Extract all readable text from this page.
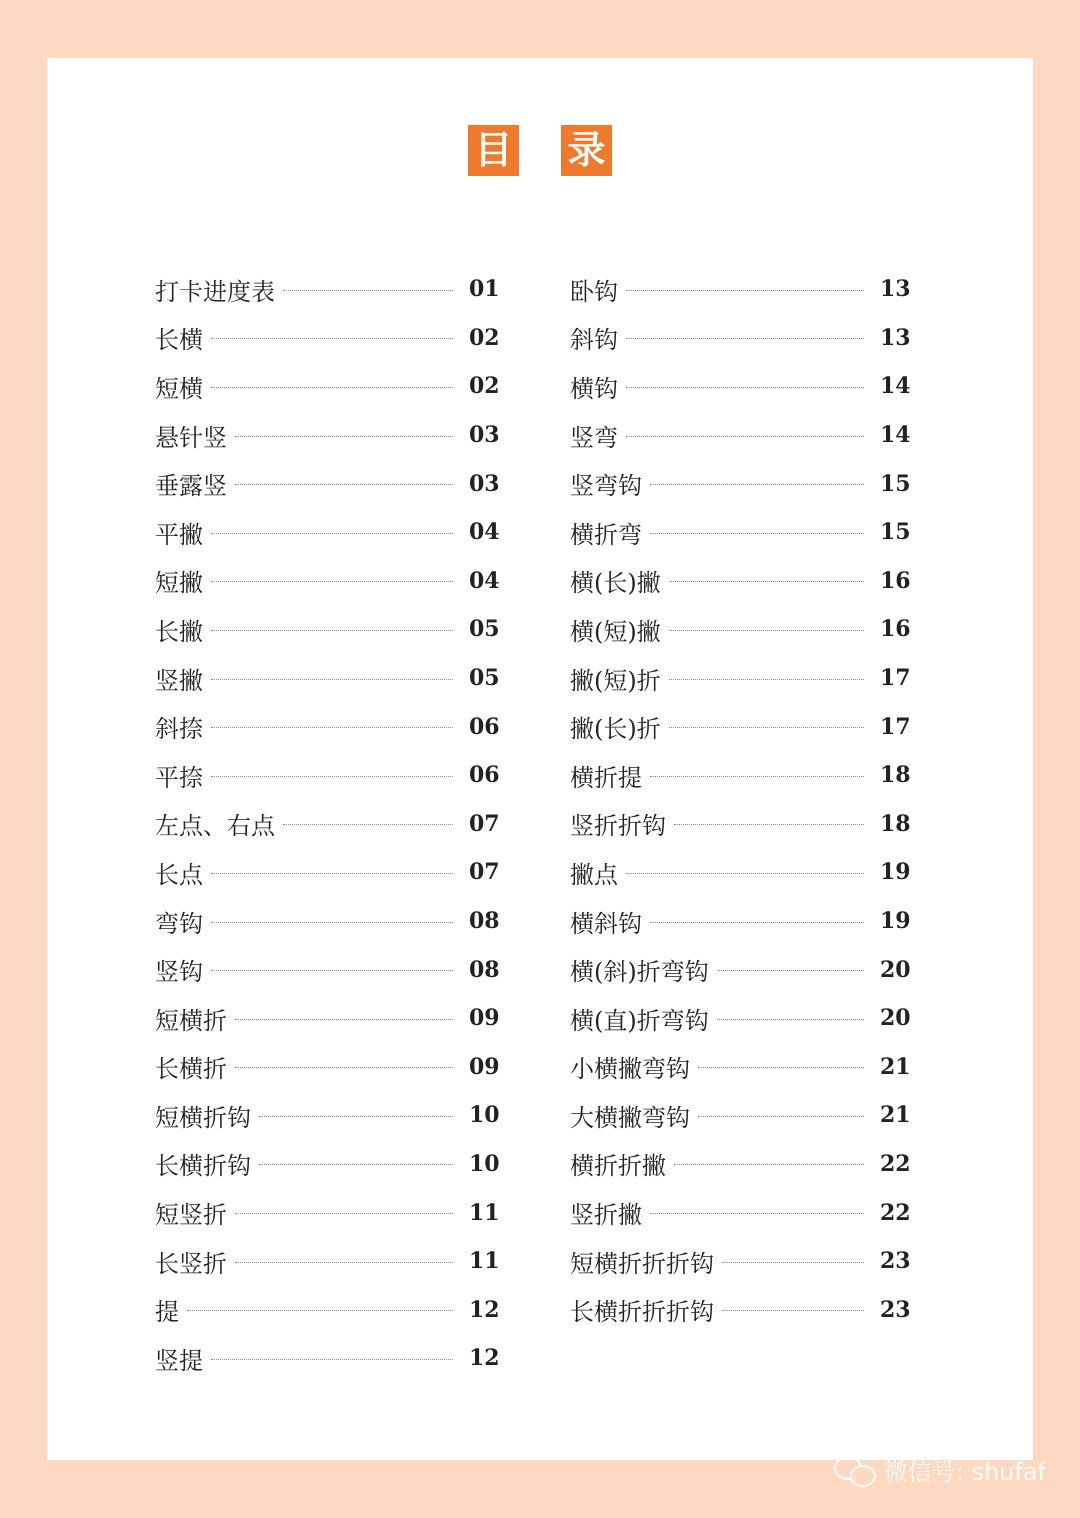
目 录
打卡进度表	01
长横	02
短横	02
悬针竖	03
垂露竖	03
平撇	04
短撇	04
长撇	05
竖撇	05
斜捺	06
平捺	06
左点、右点	07
长点	07
弯钩	08
竖钩	08
短横折	09
长横折	09
短横折钩	10
长横折钩	10
短竖折	11
长竖折	11
提	12
竖提	12
卧钩	13
斜钩	13
横钩	14
竖弯	14
竖弯钩	15
横折弯	15
横(长)撇	16
横(短)撇	16
撇(短)折	17
撇(长)折	17
横折提	18
竖折折钩	18
撇点	19
横斜钩	19
横(斜)折弯钩	20
横(直)折弯钩	20
小横撇弯钩	21
大横撇弯钩	21
横折折撇	22
竖折撇	22
短横折折折钩	23
长横折折折钩	23
微信号: shufaf
